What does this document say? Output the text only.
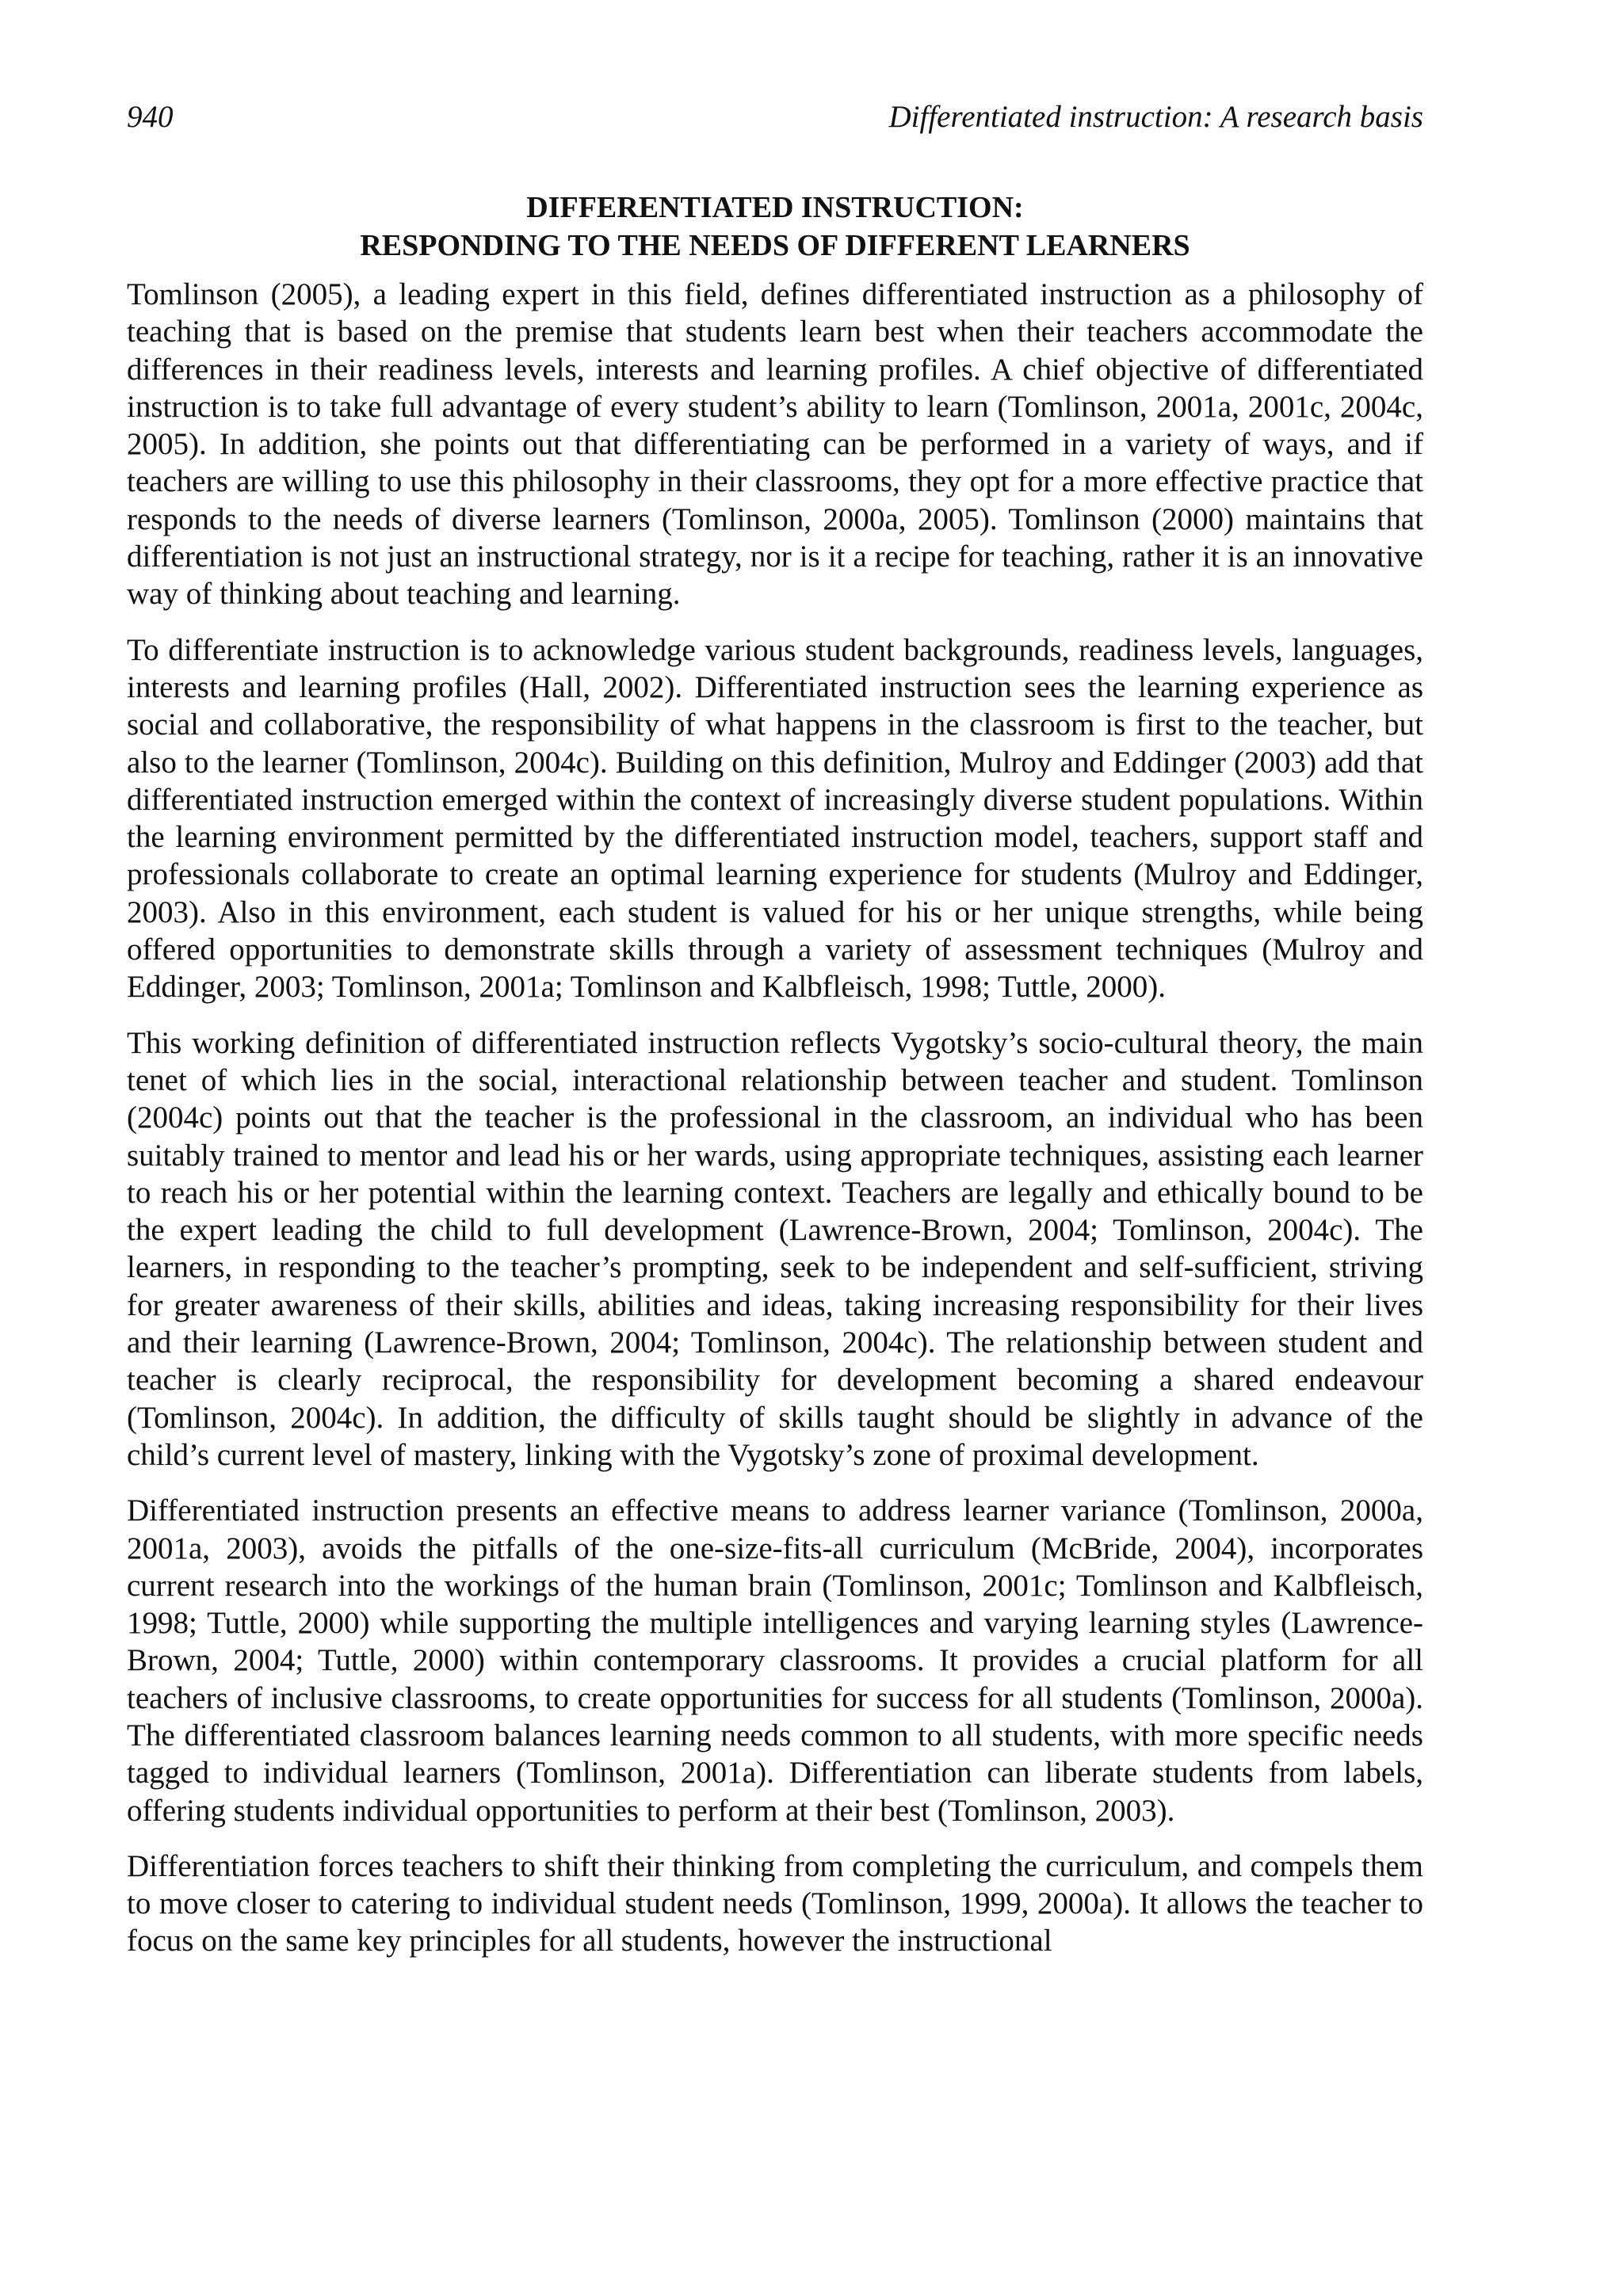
940	Differentiated instruction: A research basis
DIFFERENTIATED INSTRUCTION:
RESPONDING TO THE NEEDS OF DIFFERENT LEARNERS

Tomlinson (2005), a leading expert in this field, defines differentiated instruction as a philosophy of teaching that is based on the premise that students learn best when their teachers accommodate the differences in their readiness levels, interests and learning profiles. A chief objective of differentiated instruction is to take full advantage of every student’s ability to learn (Tomlinson, 2001a, 2001c, 2004c, 2005). In addition, she points out that differentiating can be performed in a variety of ways, and if teachers are willing to use this philosophy in their classrooms, they opt for a more effective practice that responds to the needs of diverse learners (Tomlinson, 2000a, 2005). Tomlinson (2000) maintains that differentiation is not just an instructional strategy, nor is it a recipe for teaching, rather it is an innovative way of thinking about teaching and learning.

To differentiate instruction is to acknowledge various student backgrounds, readiness levels, languages, interests and learning profiles (Hall, 2002). Differentiated instruction sees the learning experience as social and collaborative, the responsibility of what happens in the classroom is first to the teacher, but also to the learner (Tomlinson, 2004c). Building on this definition, Mulroy and Eddinger (2003) add that differentiated instruction emerged within the context of increasingly diverse student populations. Within the learning environment permitted by the differentiated instruction model, teachers, support staff and professionals collaborate to create an optimal learning experience for students (Mulroy and Eddinger, 2003). Also in this environment, each student is valued for his or her unique strengths, while being offered opportunities to demonstrate skills through a variety of assessment techniques (Mulroy and Eddinger, 2003; Tomlinson, 2001a; Tomlinson and Kalbfleisch, 1998; Tuttle, 2000).

This working definition of differentiated instruction reflects Vygotsky’s socio-cultural theory, the main tenet of which lies in the social, interactional relationship between teacher and student. Tomlinson (2004c) points out that the teacher is the professional in the classroom, an individual who has been suitably trained to mentor and lead his or her wards, using appropriate techniques, assisting each learner to reach his or her potential within the learning context. Teachers are legally and ethically bound to be the expert leading the child to full development (Lawrence-Brown, 2004; Tomlinson, 2004c). The learners, in responding to the teacher’s prompting, seek to be independent and self-sufficient, striving for greater awareness of their skills, abilities and ideas, taking increasing responsibility for their lives and their learning (Lawrence-Brown, 2004; Tomlinson, 2004c). The relationship between student and teacher is clearly reciprocal, the responsibility for development becoming a shared endeavour (Tomlinson, 2004c). In addition, the difficulty of skills taught should be slightly in advance of the child’s current level of mastery, linking with the Vygotsky’s zone of proximal development.

Differentiated instruction presents an effective means to address learner variance (Tomlinson, 2000a, 2001a, 2003), avoids the pitfalls of the one-size-fits-all curriculum (McBride, 2004), incorporates current research into the workings of the human brain (Tomlinson, 2001c; Tomlinson and Kalbfleisch, 1998; Tuttle, 2000) while supporting the multiple intelligences and varying learning styles (Lawrence-Brown, 2004; Tuttle, 2000) within contemporary classrooms. It provides a crucial platform for all teachers of inclusive classrooms, to create opportunities for success for all students (Tomlinson, 2000a). The differentiated classroom balances learning needs common to all students, with more specific needs tagged to individual learners (Tomlinson, 2001a). Differentiation can liberate students from labels, offering students individual opportunities to perform at their best (Tomlinson, 2003).

Differentiation forces teachers to shift their thinking from completing the curriculum, and compels them to move closer to catering to individual student needs (Tomlinson, 1999, 2000a). It allows the teacher to focus on the same key principles for all students, however the instructional
